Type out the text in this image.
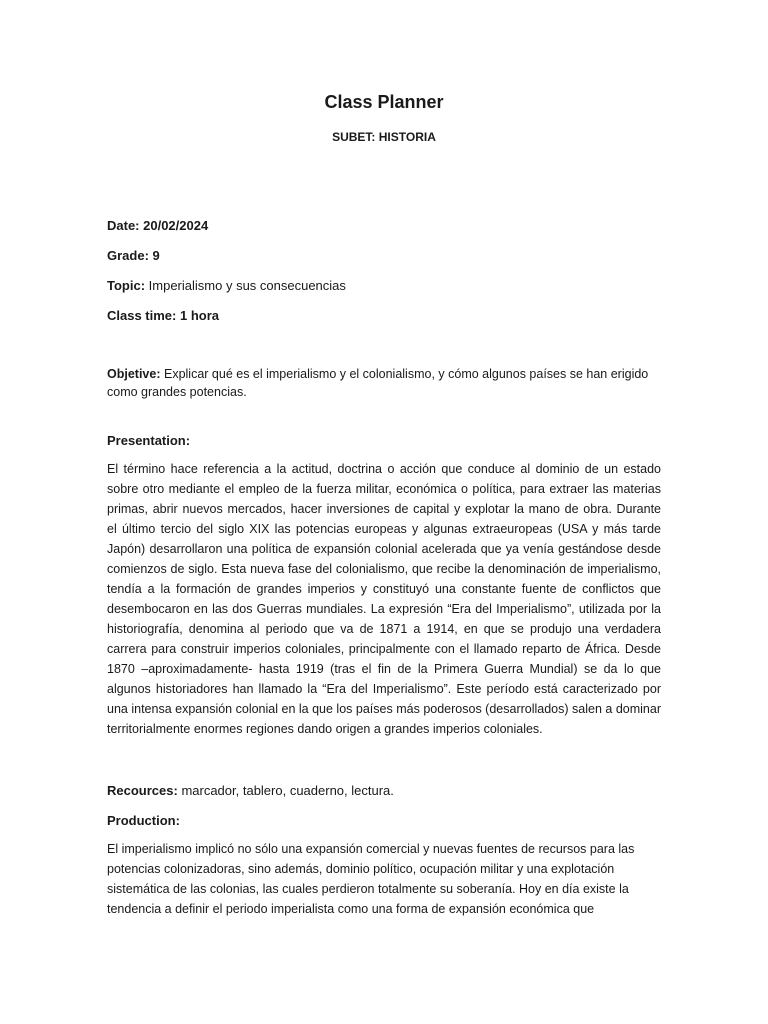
Class Planner
SUBET: HISTORIA
Date: 20/02/2024
Grade: 9
Topic: Imperialismo y sus consecuencias
Class time: 1 hora
Objetive: Explicar qué es el imperialismo y el colonialismo, y cómo algunos países se han erigido
como grandes potencias.
Presentation:
El término hace referencia a la actitud, doctrina o acción que conduce al dominio de un estado
sobre otro mediante el empleo de la fuerza militar, económica o política, para extraer las materias
primas, abrir nuevos mercados, hacer inversiones de capital y explotar la mano de obra. Durante
el último tercio del siglo XIX las potencias europeas y algunas extraeuropeas (USA y más tarde
Japón) desarrollaron una política de expansión colonial acelerada que ya venía gestándose desde
comienzos de siglo. Esta nueva fase del colonialismo, que recibe la denominación de imperialismo,
tendía a la formación de grandes imperios y constituyó una constante fuente de conflictos que
desembocaron en las dos Guerras mundiales. La expresión “Era del Imperialismo”, utilizada por la
historiografía, denomina al periodo que va de 1871 a 1914, en que se produjo una verdadera
carrera para construir imperios coloniales, principalmente con el llamado reparto de África. Desde
1870 –aproximadamente- hasta 1919 (tras el fin de la Primera Guerra Mundial) se da lo que
algunos historiadores han llamado la “Era del Imperialismo”. Este período está caracterizado por
una intensa expansión colonial en la que los países más poderosos (desarrollados) salen a dominar
territorialmente enormes regiones dando origen a grandes imperios coloniales.
Recources: marcador, tablero, cuaderno, lectura.
Production:
El imperialismo implicó no sólo una expansión comercial y nuevas fuentes de recursos para las
potencias colonizadoras, sino además, dominio político, ocupación militar y una explotación
sistemática de las colonias, las cuales perdieron totalmente su soberanía. Hoy en día existe la
tendencia a definir el periodo imperialista como una forma de expansión económica que
